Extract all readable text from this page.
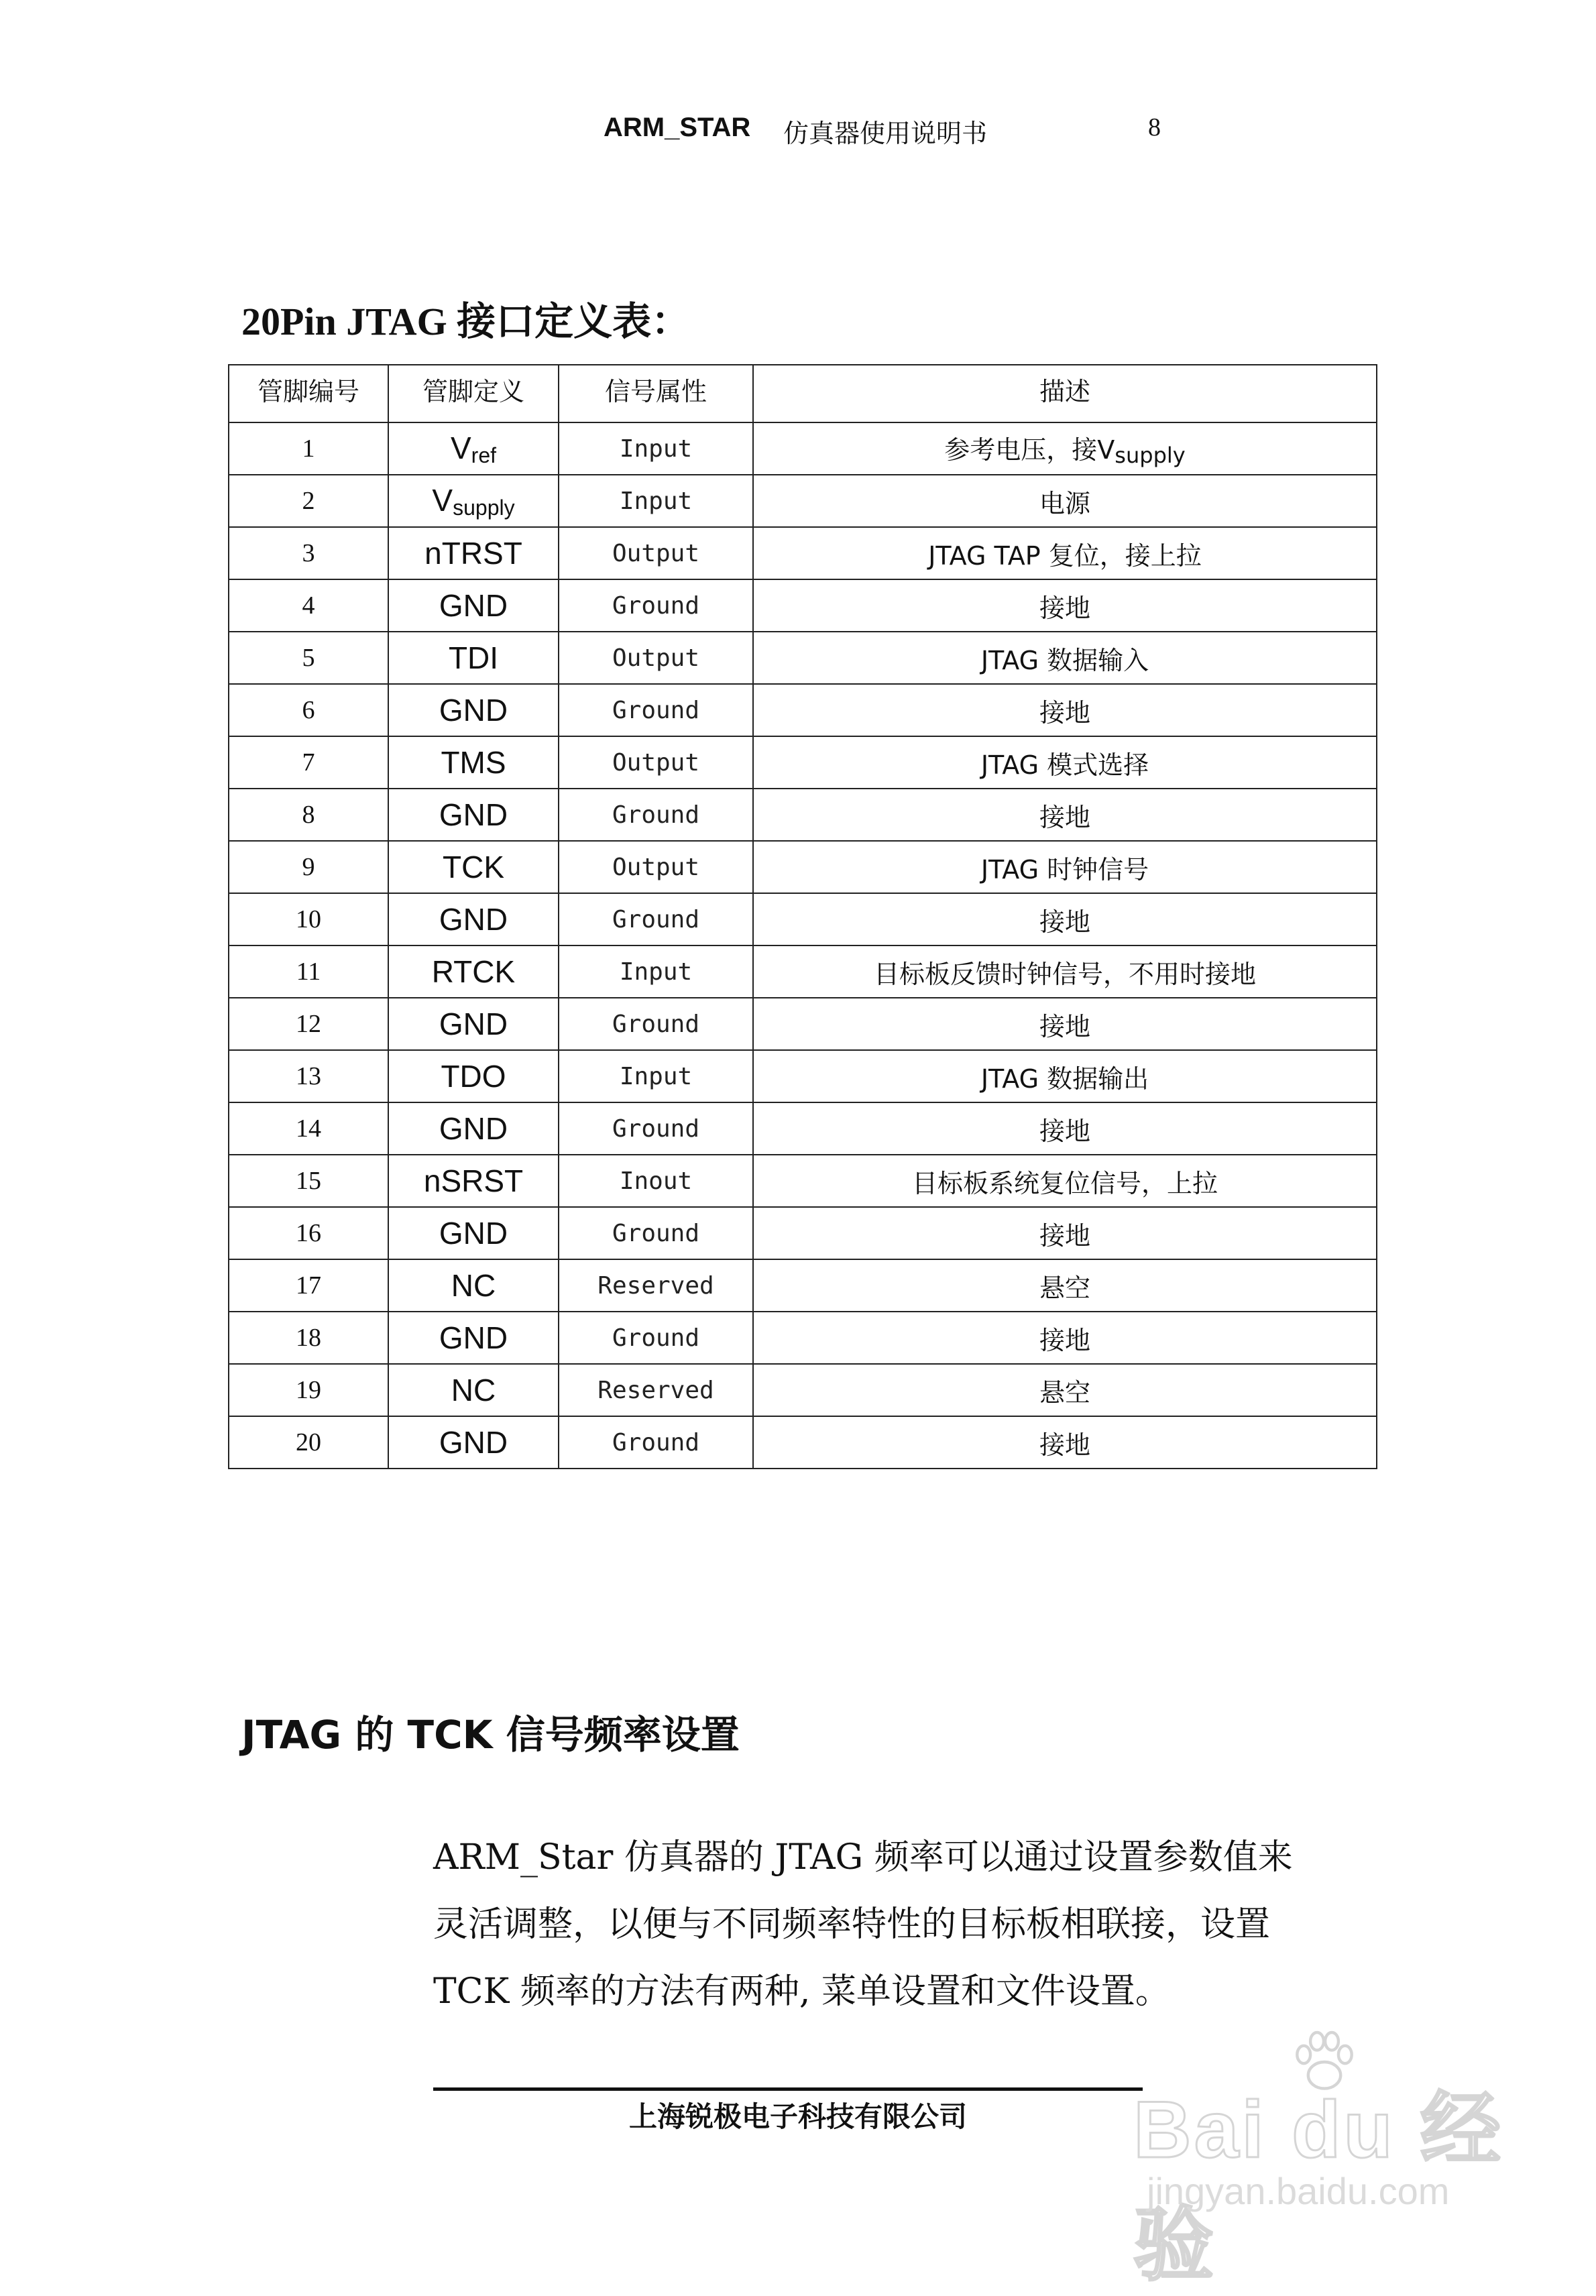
ARM_STAR 仿真器使用说明书	8
20Pin JTAG 接口定义表：
管脚编号	管脚定义	信号属性	描述
1	$V_{ref}$	Input	参考电压，接$V_{supply}$
2	$V_{supply}$	Input	电源
3	nTRST	Output	JTAG TAP 复位，接上拉
4	GND	Ground	接地
5	TDI	Output	JTAG 数据输入
6	GND	Ground	接地
7	TMS	Output	JTAG 模式选择
8	GND	Ground	接地
9	TCK	Output	JTAG 时钟信号
10	GND	Ground	接地
11	RTCK	Input	目标板反馈时钟信号，不用时接地
12	GND	Ground	接地
13	TDO	Input	JTAG 数据输出
14	GND	Ground	接地
15	nSRST	Inout	目标板系统复位信号，上拉
16	GND	Ground	接地
17	NC	Reserved	悬空
18	GND	Ground	接地
19	NC	Reserved	悬空
20	GND	Ground	接地
JTAG 的 TCK 信号频率设置
ARM_Star 仿真器的 JTAG 频率可以通过设置参数值来
灵活调整，以便与不同频率特性的目标板相联接，设置
TCK 频率的方法有两种, 菜单设置和文件设置。
上海锐极电子科技有限公司	Bai du 经验
jingyan.baidu.com
